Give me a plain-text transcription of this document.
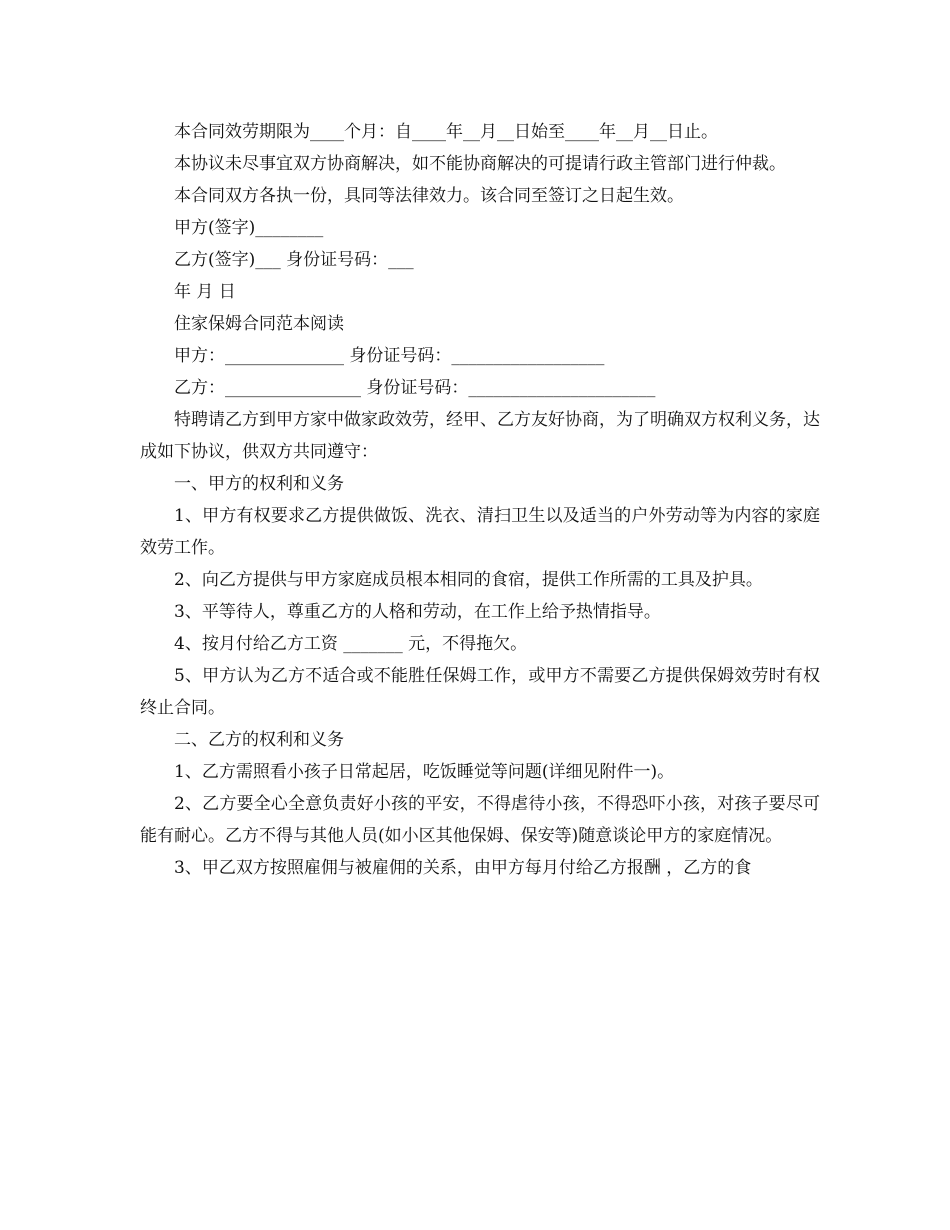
本合同效劳期限为____个月：自____年__月__日始至____年__月__日止。

本协议未尽事宜双方协商解决，如不能协商解决的可提请行政主管部门进行仲裁。

本合同双方各执一份，具同等法律效力。该合同至签订之日起生效。

甲方(签字)________

乙方(签字)___ 身份证号码：___

年 月 日

住家保姆合同范本阅读

甲方：______________ 身份证号码：__________________

乙方：________________ 身份证号码：______________________

特聘请乙方到甲方家中做家政效劳，经甲、乙方友好协商，为了明确双方权利义务，达成如下协议，供双方共同遵守：

一、甲方的权利和义务

1、甲方有权要求乙方提供做饭、洗衣、清扫卫生以及适当的户外劳动等为内容的家庭效劳工作。

2、向乙方提供与甲方家庭成员根本相同的食宿，提供工作所需的工具及护具。

3、平等待人，尊重乙方的人格和劳动，在工作上给予热情指导。

4、按月付给乙方工资 _______ 元，不得拖欠。

5、甲方认为乙方不适合或不能胜任保姆工作，或甲方不需要乙方提供保姆效劳时有权终止合同。

二、乙方的权利和义务

1、乙方需照看小孩子日常起居，吃饭睡觉等问题(详细见附件一)。

2、乙方要全心全意负责好小孩的平安，不得虐待小孩，不得恐吓小孩，对孩子要尽可能有耐心。乙方不得与其他人员(如小区其他保姆、保安等)随意谈论甲方的家庭情况。

3、甲乙双方按照雇佣与被雇佣的关系，由甲方每月付给乙方报酬 ，乙方的食
